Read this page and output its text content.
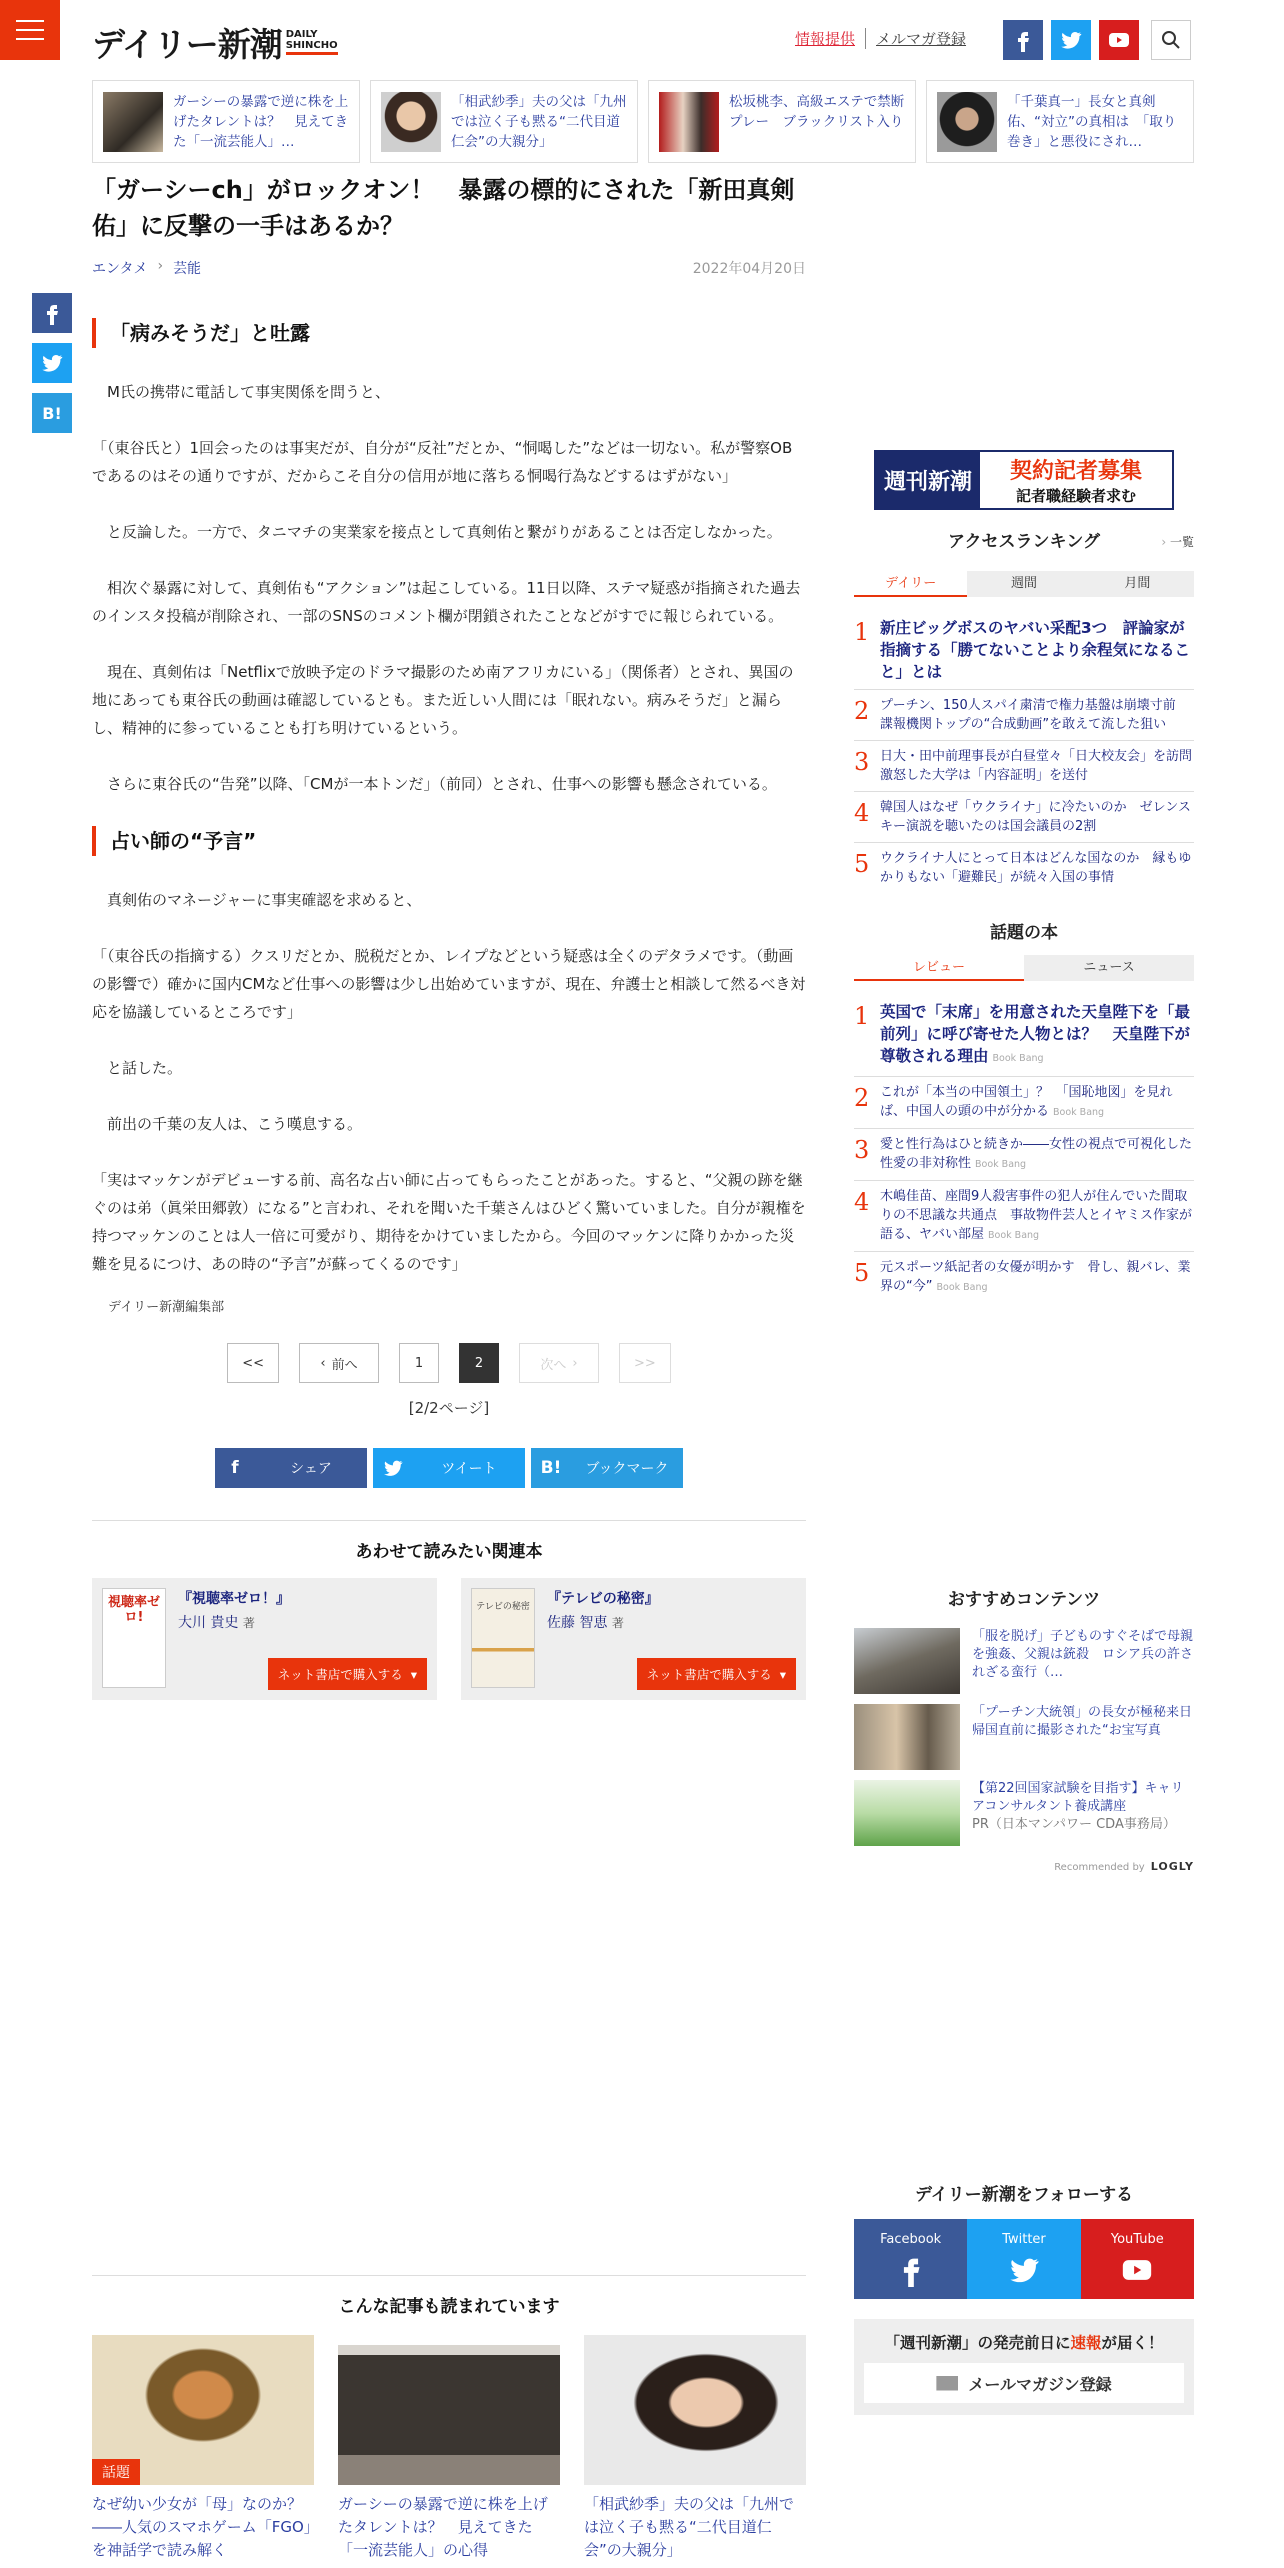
デイリー新潮 DAILY
SHINCHO	情報提供	メルマガ登録
ガーシーの暴露で逆に株を上げたタレントは？　見えてきた「一流芸能人」…
「相武紗季」夫の父は「九州では泣く子も黙る“二代目道仁会”の大親分」
松坂桃李、高級エステで禁断プレー　ブラックリスト入り
「千葉真一」長女と真剣佑、“対立”の真相は　「取り巻き」と悪役にされ…
B!
「ガーシーch」がロックオン！　暴露の標的にされた「新田真剣佑」に反撃の一手はあるか？
エンタメ › 芸能	2022年04月20日
「病みそうだ」と吐露

　M氏の携帯に電話して事実関係を問うと、

「（東谷氏と）1回会ったのは事実だが、自分が“反社”だとか、“恫喝した”などは一切ない。私が警察OBであるのはその通りですが、だからこそ自分の信用が地に落ちる恫喝行為などするはずがない」

　と反論した。一方で、タニマチの実業家を接点として真剣佑と繋がりがあることは否定しなかった。

　相次ぐ暴露に対して、真剣佑も“アクション”は起こしている。11日以降、ステマ疑惑が指摘された過去のインスタ投稿が削除され、一部のSNSのコメント欄が閉鎖されたことなどがすでに報じられている。

　現在、真剣佑は「Netflixで放映予定のドラマ撮影のため南アフリカにいる」（関係者）とされ、異国の地にあっても東谷氏の動画は確認しているとも。また近しい人間には「眠れない。病みそうだ」と漏らし、精神的に参っていることも打ち明けているという。

　さらに東谷氏の“告発”以降、「CMが一本トンだ」（前同）とされ、仕事への影響も懸念されている。

占い師の“予言”

　真剣佑のマネージャーに事実確認を求めると、

「（東谷氏の指摘する）クスリだとか、脱税だとか、レイプなどという疑惑は全くのデタラメです。（動画の影響で）確かに国内CMなど仕事への影響は少し出始めていますが、現在、弁護士と相談して然るべき対応を協議しているところです」

　と話した。

　前出の千葉の友人は、こう嘆息する。

「実はマッケンがデビューする前、高名な占い師に占ってもらったことがあった。すると、“父親の跡を継ぐのは弟（眞栄田郷敦）になる”と言われ、それを聞いた千葉さんはひどく驚いていました。自分が親権を持つマッケンのことは人一倍に可愛がり、期待をかけていましたから。今回のマッケンに降りかかった災難を見るにつけ、あの時の“予言”が蘇ってくるのです」

デイリー新潮編集部
<<	‹ 前へ	1	2	次へ ›	>>
[2/2ページ]
f	シェア	ツイート	B!	ブックマーク
あわせて読みたい関連本
視聴率ゼロ!
『視聴率ゼロ！』
大川 貴史 著
ネット書店で購入する ▾
テレビの秘密 『テレビの秘密』
佐藤 智恵 著
ネット書店で購入する ▾
週刊新潮	契約記者募集
記者職経験者求む
アクセスランキング	› 一覧
デイリー	週間	月間
1 新庄ビッグボスのヤバい采配3つ　評論家が指摘する「勝てないことより余程気になること」とは
2 プーチン、150人スパイ粛清で権力基盤は崩壊寸前　諜報機関トップの“合成動画”を敢えて流した狙い
3 日大・田中前理事長が白昼堂々「日大校友会」を訪問　激怒した大学は「内容証明」を送付
4 韓国人はなぜ「ウクライナ」に冷たいのか　ゼレンスキー演説を聴いたのは国会議員の2割
5 ウクライナ人にとって日本はどんな国なのか　縁もゆかりもない「避難民」が続々入国の事情
話題の本
レビュー	ニュース
1 英国で「末席」を用意された天皇陛下を「最前列」に呼び寄せた人物とは？　天皇陛下が尊敬される理由 Book Bang
2 これが「本当の中国領土」？　「国恥地図」を見れば、中国人の頭の中が分かる Book Bang
3 愛と性行為はひと続きか――女性の視点で可視化した性愛の非対称性 Book Bang
4 木嶋佳苗、座間9人殺害事件の犯人が住んでいた間取りの不思議な共通点　事故物件芸人とイヤミス作家が語る、ヤバい部屋 Book Bang
5 元スポーツ紙記者の女優が明かす　骨し、親バレ、業界の“今” Book Bang
おすすめコンテンツ
「服を脱げ」子どものすぐそばで母親を強姦、父親は銃殺　ロシア兵の許されざる蛮行（…
「プーチン大統領」の長女が極秘来日　帰国直前に撮影された“お宝写真
【第22回国家試験を目指す】キャリアコンサルタント養成講座
PR（日本マンパワー CDA事務局）
Recommended by LOGLY
デイリー新潮をフォローする
Facebook	Twitter	YouTube
「週刊新潮」の発売前日に速報が届く！
メールマガジン登録
こんな記事も読まれています
話題
なぜ幼い少女が「母」なのか？――人気のスマホゲーム「FGO」を神話学で読み解く
ガーシーの暴露で逆に株を上げたタレントは？　見えてきた「一流芸能人」の心得
「相武紗季」夫の父は「九州では泣く子も黙る“二代目道仁会”の大親分」
